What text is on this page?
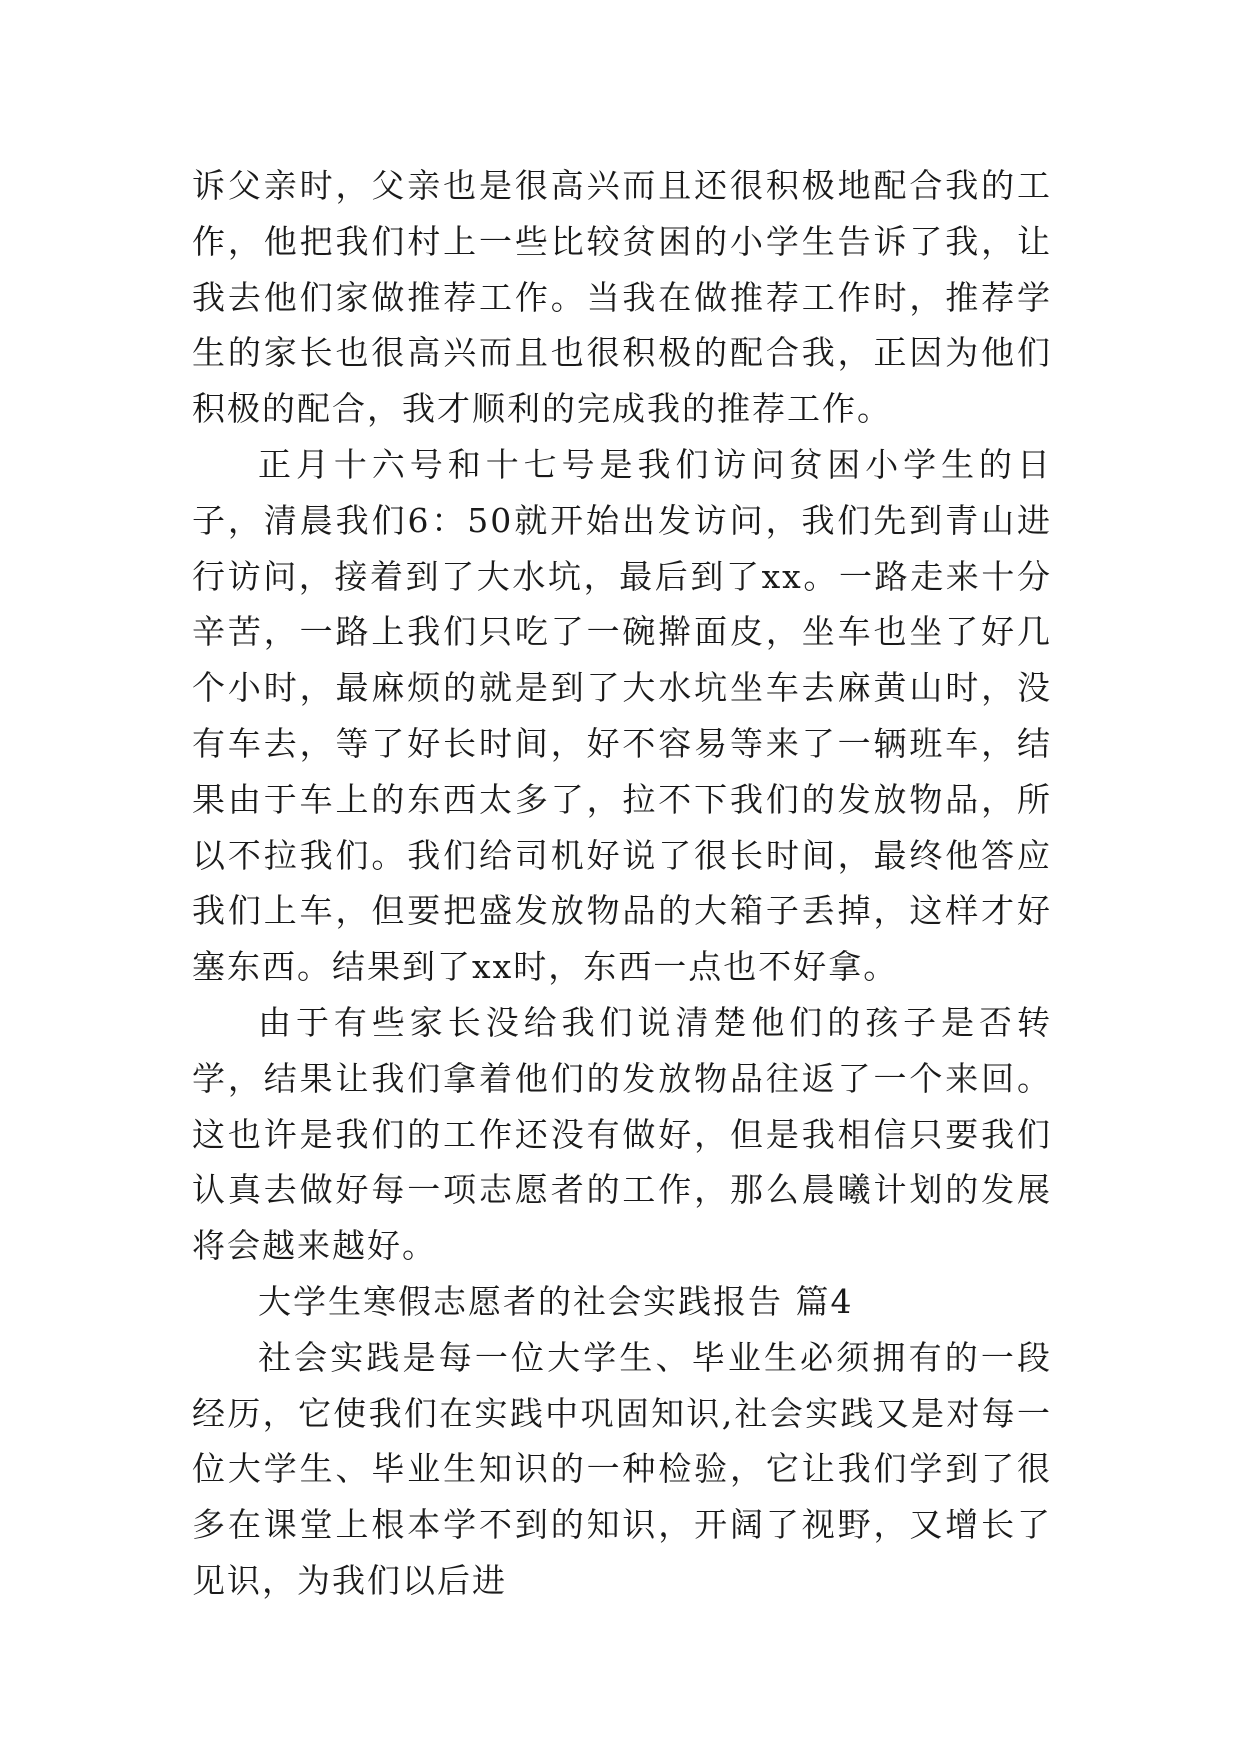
诉父亲时，父亲也是很高兴而且还很积极地配合我的工作，他把我们村上一些比较贫困的小学生告诉了我，让我去他们家做推荐工作。当我在做推荐工作时，推荐学生的家长也很高兴而且也很积极的配合我，正因为他们积极的配合，我才顺利的完成我的推荐工作。

正月十六号和十七号是我们访问贫困小学生的日子，清晨我们6：50就开始出发访问，我们先到青山进行访问，接着到了大水坑，最后到了xx。一路走来十分辛苦，一路上我们只吃了一碗擀面皮，坐车也坐了好几个小时，最麻烦的就是到了大水坑坐车去麻黄山时，没有车去，等了好长时间，好不容易等来了一辆班车，结果由于车上的东西太多了，拉不下我们的发放物品，所以不拉我们。我们给司机好说了很长时间，最终他答应我们上车，但要把盛发放物品的大箱子丢掉，这样才好塞东西。结果到了xx时，东西一点也不好拿。

由于有些家长没给我们说清楚他们的孩子是否转学，结果让我们拿着他们的发放物品往返了一个来回。这也许是我们的工作还没有做好，但是我相信只要我们认真去做好每一项志愿者的工作，那么晨曦计划的发展将会越来越好。

大学生寒假志愿者的社会实践报告 篇4

社会实践是每一位大学生、毕业生必须拥有的一段经历，它使我们在实践中巩固知识,社会实践又是对每一位大学生、毕业生知识的一种检验，它让我们学到了很多在课堂上根本学不到的知识，开阔了视野，又增长了见识，为我们以后进
